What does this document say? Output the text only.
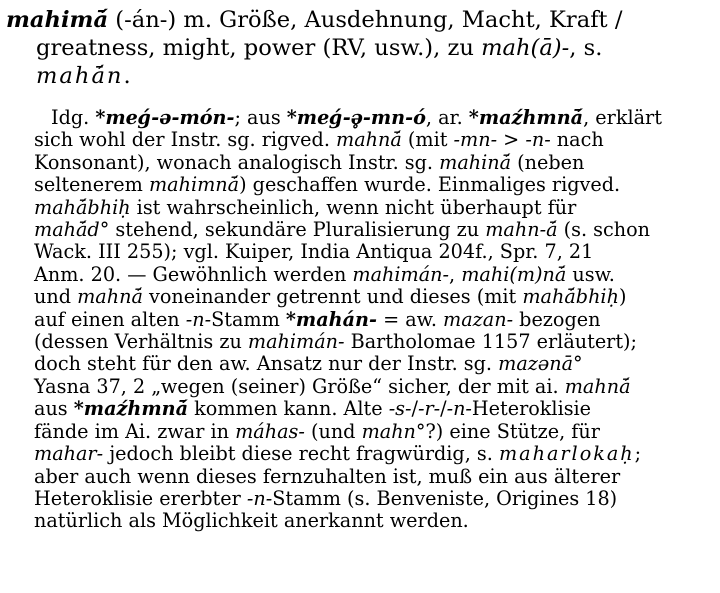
mahimā́ (-án-) m. Größe, Ausdehnung, Macht, Kraft /

greatness, might, power (RV, usw.), zu mah(ā)-, s.

mahā́n.

Idg. *meǵ-ə-món-; aus *meǵ-ə̥-mn-ó, ar. *maźhmnā́, erklärt

sich wohl der Instr. sg. rigved. mahnā́ (mit -mn- > -n- nach

Konsonant), wonach analogisch Instr. sg. mahinā́ (neben

seltenerem mahimnā́) geschaffen wurde. Einmaliges rigved.

mahā́bhiḥ ist wahrscheinlich, wenn nicht überhaupt für

mahā́d° stehend, sekundäre Pluralisierung zu mahn-ā́ (s. schon

Wack. III 255); vgl. Kuiper, India Antiqua 204f., Spr. 7, 21

Anm. 20. — Gewöhnlich werden mahimán-, mahi(m)nā́ usw.

und mahnā́ voneinander getrennt und dieses (mit mahā́bhiḥ)

auf einen alten -n-Stamm *mahán- = aw. mazan- bezogen

(dessen Verhältnis zu mahimán- Bartholomae 1157 erläutert);

doch steht für den aw. Ansatz nur der Instr. sg. mazənā°

Yasna 37, 2 „wegen (seiner) Größe“ sicher, der mit ai. mahnā́

aus *maźhmnā́ kommen kann. Alte -s-/-r-/-n-Heteroklisie

fände im Ai. zwar in máhas- (und mahn°?) eine Stütze, für

mahar- jedoch bleibt diese recht fragwürdig, s. maharlokaḥ;

aber auch wenn dieses fernzuhalten ist, muß ein aus älterer

Heteroklisie ererbter -n-Stamm (s. Benveniste, Origines 18)

natürlich als Möglichkeit anerkannt werden.
